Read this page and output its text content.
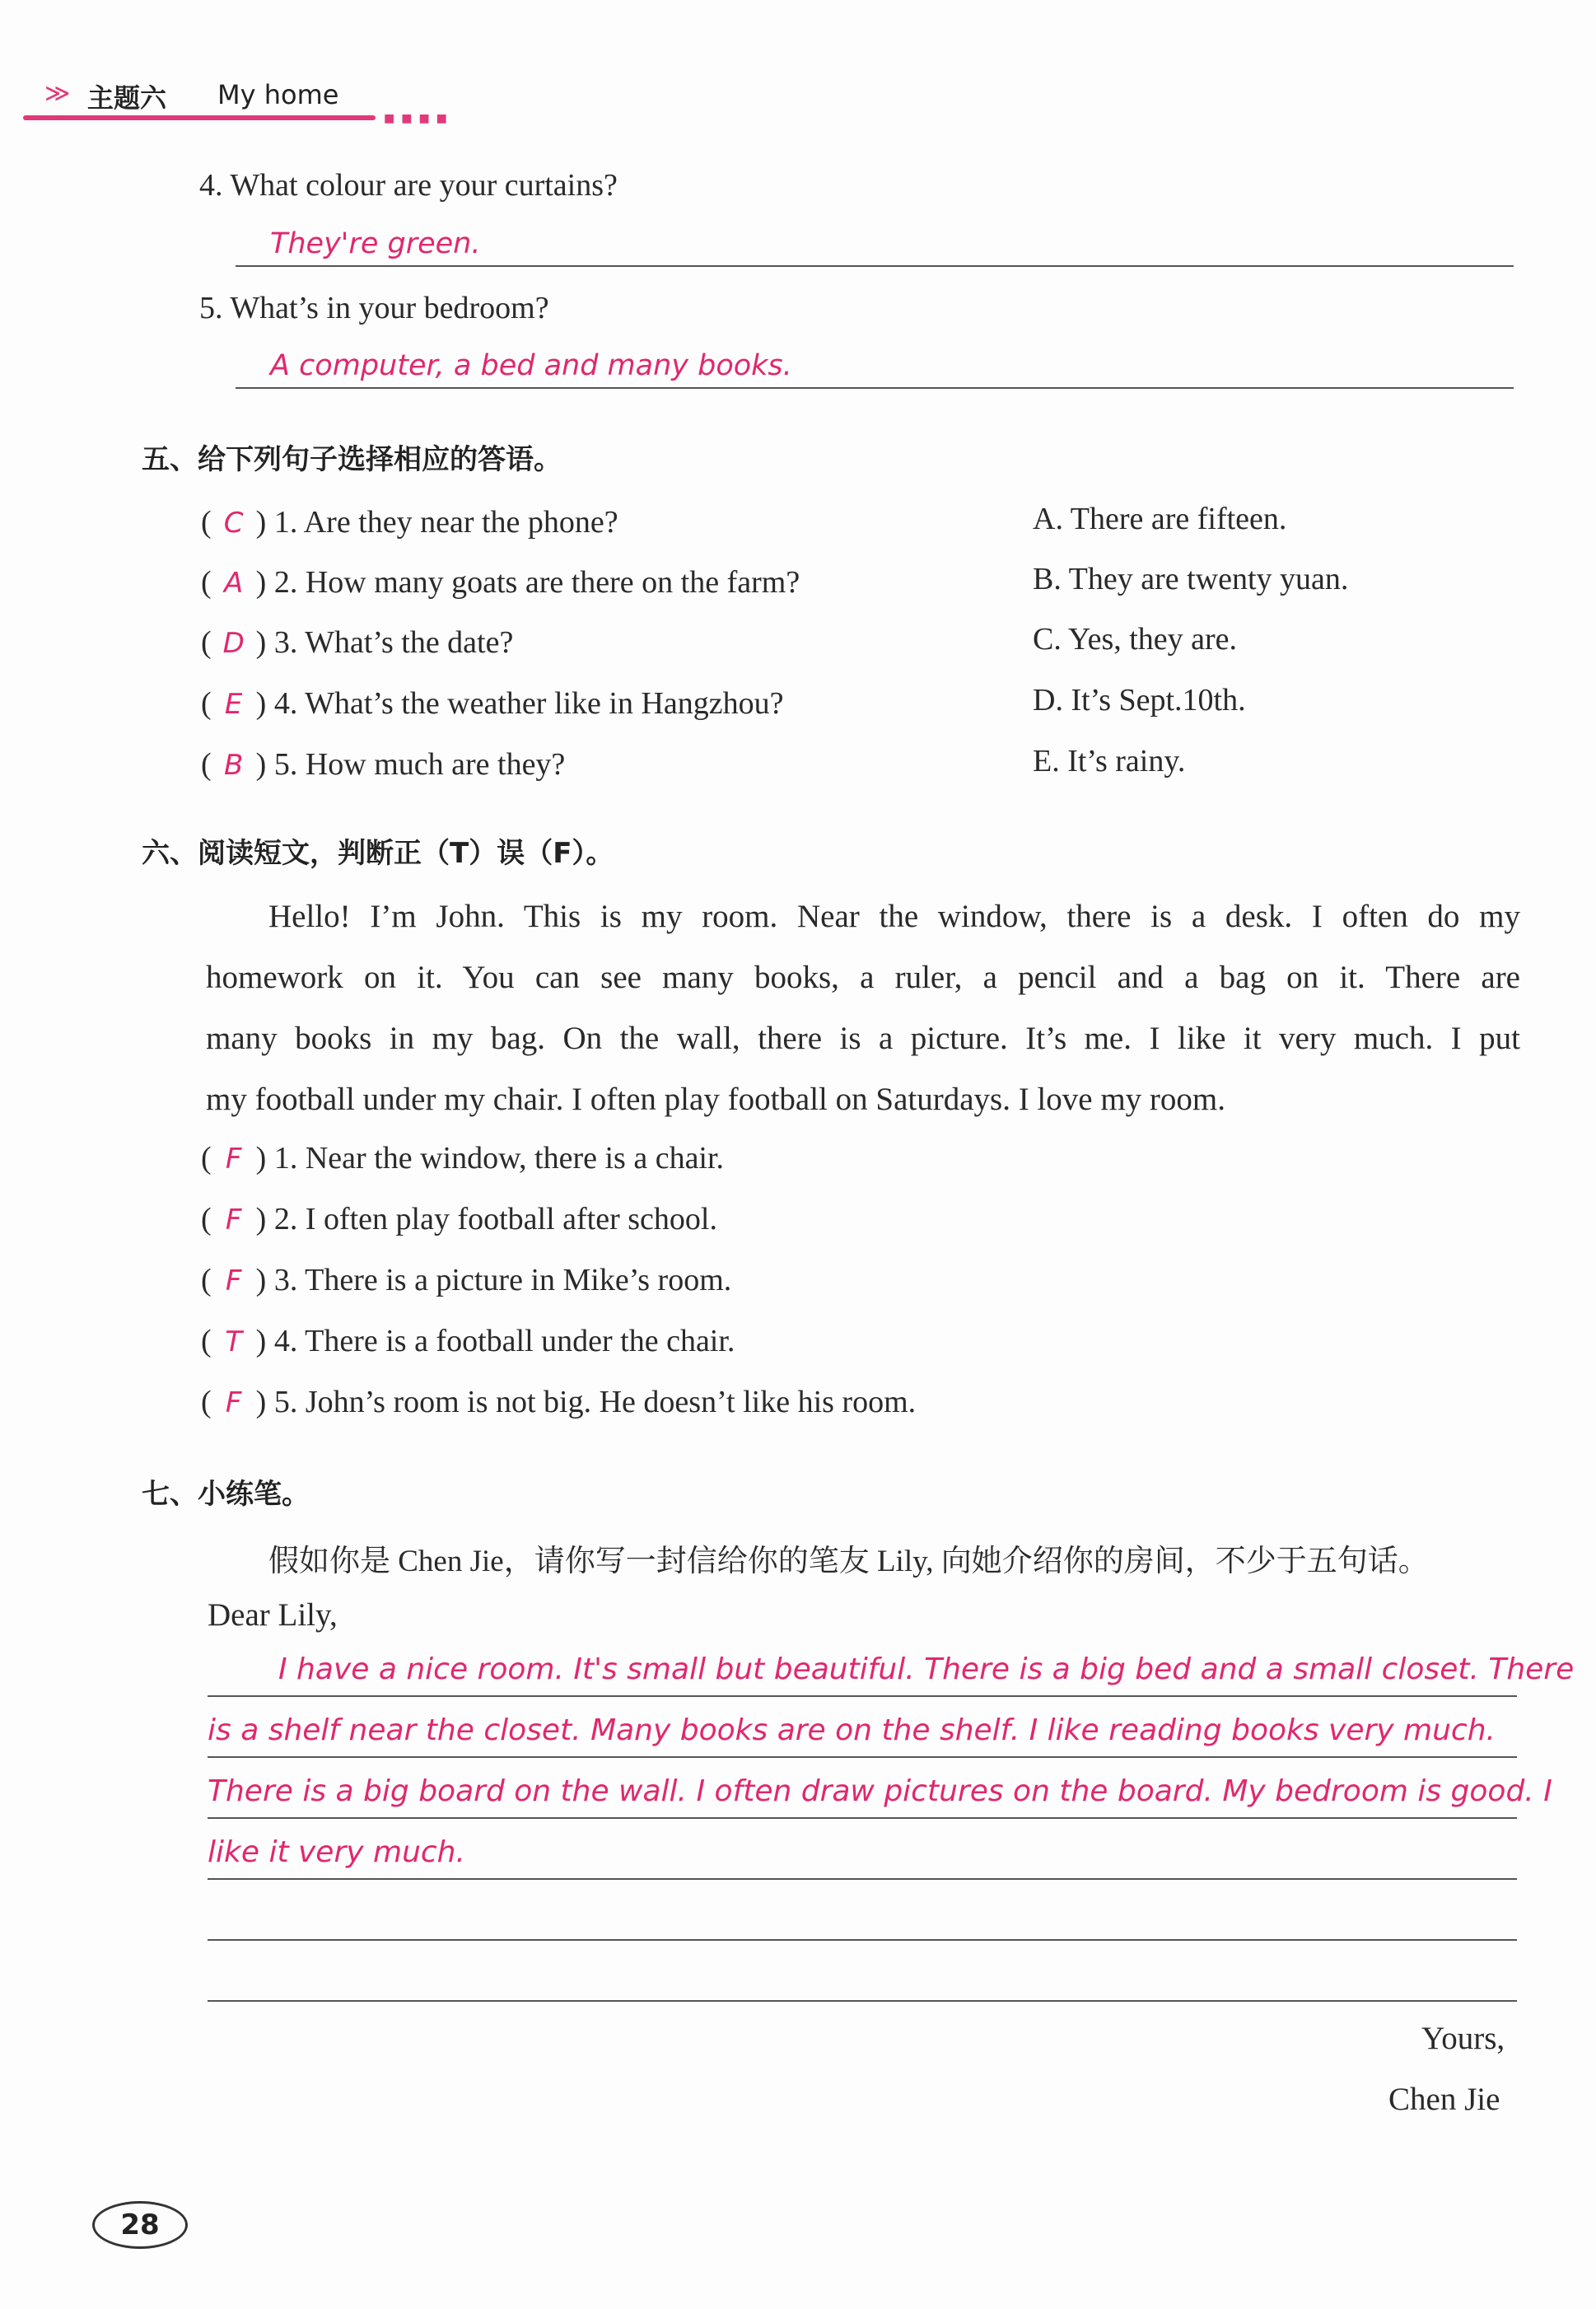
≫ 主题六 My home
■■■■
4. What colour are your curtains?
They're green.
5. What’s in your bedroom?
A computer, a bed and many books.
五、给下列句子选择相应的答语。
( C ) 1. Are they near the phone?
( A ) 2. How many goats are there on the farm?
( D ) 3. What’s the date?
( E ) 4. What’s the weather like in Hangzhou?
( B ) 5. How much are they?
A. There are fifteen.
B. They are twenty yuan.
C. Yes, they are.
D. It’s Sept.10th.
E. It’s rainy.
六、阅读短文，判断正（T）误（F）。
Hello! I’m John. This is my room. Near the window, there is a desk. I often do my
homework on it. You can see many books, a ruler, a pencil and a bag on it. There are
many books in my bag. On the wall, there is a picture. It’s me. I like it very much. I put
my football under my chair. I often play football on Saturdays. I love my room.
( F ) 1. Near the window, there is a chair.
( F ) 2. I often play football after school.
( F ) 3. There is a picture in Mike’s room.
( T ) 4. There is a football under the chair.
( F ) 5. John’s room is not big. He doesn’t like his room.
七、小练笔。
假如你是 Chen Jie，请你写一封信给你的笔友 Lily, 向她介绍你的房间，不少于五句话。
Dear Lily,
I have a nice room. It's small but beautiful. There is a big bed and a small closet. There
is a shelf near the closet. Many books are on the shelf. I like reading books very much.
There is a big board on the wall. I often draw pictures on the board. My bedroom is good. I
like it very much.
Yours,
Chen Jie
28
